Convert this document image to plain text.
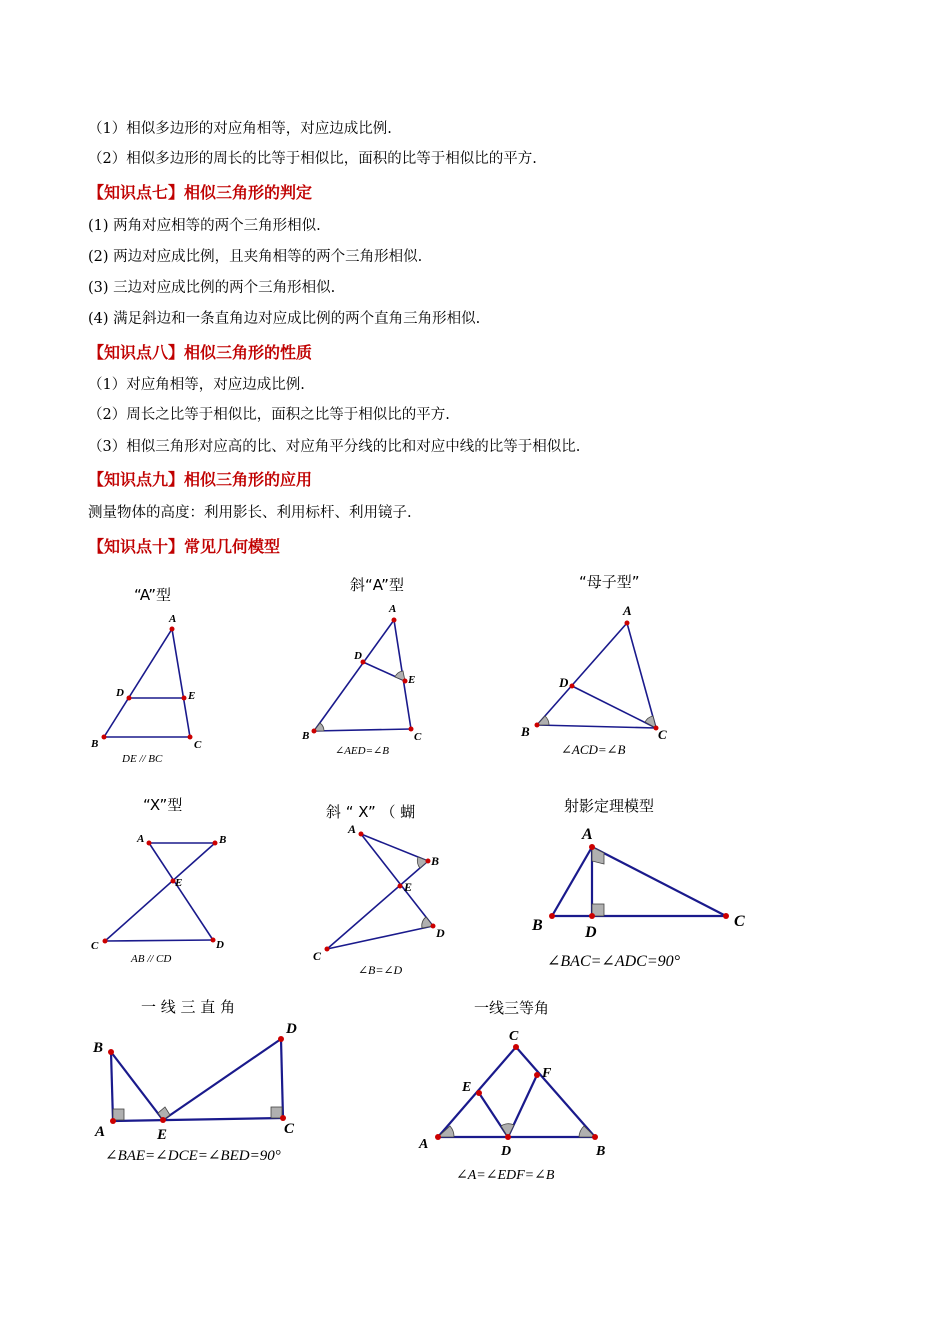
（1）相似多边形的对应角相等，对应边成比例.
（2）相似多边形的周长的比等于相似比，面积的比等于相似比的平方.
【知识点七】相似三角形的判定
(1) 两角对应相等的两个三角形相似.
(2) 两边对应成比例，且夹角相等的两个三角形相似.
(3) 三边对应成比例的两个三角形相似.
(4) 满足斜边和一条直角边对应成比例的两个直角三角形相似.
【知识点八】相似三角形的性质
（1）对应角相等，对应边成比例.
（2）周长之比等于相似比，面积之比等于相似比的平方.
（3）相似三角形对应高的比、对应角平分线的比和对应中线的比等于相似比.
【知识点九】相似三角形的应用
测量物体的高度：利用影长、利用标杆、利用镜子.
【知识点十】常见几何模型
“A”型
A
D	E
B	C
DE // BC
斜“A”型
A
D
E
B	C
∠AED=∠B
“母子型”
A
D
B	C
∠ACD=∠B
“X”型
A	B
E
C	D
AB // CD
斜 “ X” （ 蝴
A
B
E
D
C
∠B=∠D
射影定理模型
A
B	D
C
∠BAC=∠ADC=90°
一 线 三 直 角
B
A	E
D
C
∠BAE=∠DCE=∠BED=90°
一线三等角
C
E
F
A	D	B
∠A=∠EDF=∠B
